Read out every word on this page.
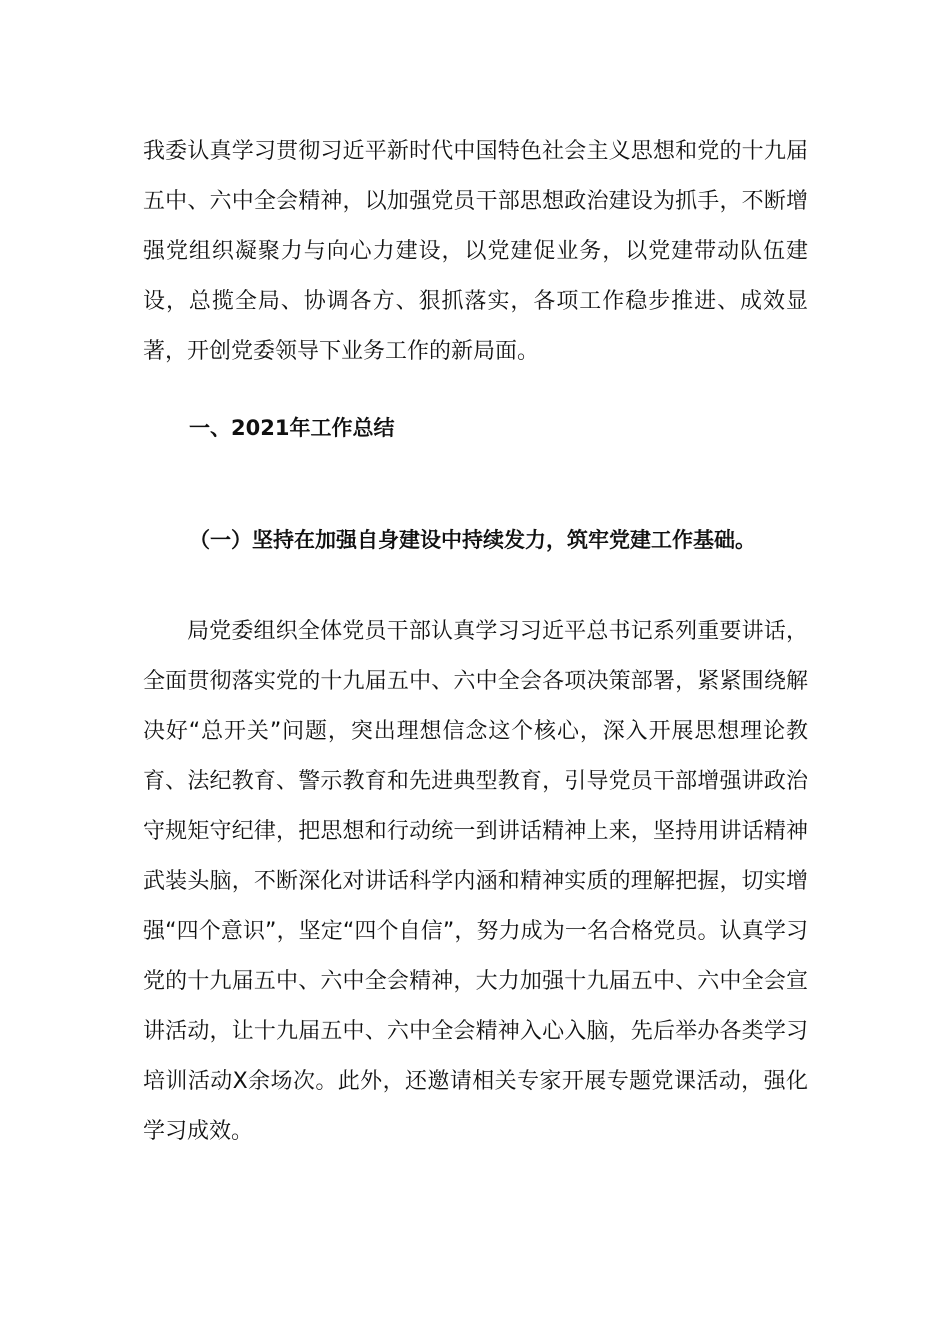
我委认真学习贯彻习近平新时代中国特色社会主义思想和党的十九届五中、六中全会精神，以加强党员干部思想政治建设为抓手，不断增强党组织凝聚力与向心力建设，以党建促业务，以党建带动队伍建设，总揽全局、协调各方、狠抓落实，各项工作稳步推进、成效显著，开创党委领导下业务工作的新局面。

一、2021年工作总结
（一）坚持在加强自身建设中持续发力，筑牢党建工作基础。

局党委组织全体党员干部认真学习习近平总书记系列重要讲话，全面贯彻落实党的十九届五中、六中全会各项决策部署，紧紧围绕解决好“总开关”问题，突出理想信念这个核心，深入开展思想理论教育、法纪教育、警示教育和先进典型教育，引导党员干部增强讲政治守规矩守纪律，把思想和行动统一到讲话精神上来，坚持用讲话精神武装头脑，不断深化对讲话科学内涵和精神实质的理解把握，切实增强“四个意识”，坚定“四个自信”，努力成为一名合格党员。认真学习党的十九届五中、六中全会精神，大力加强十九届五中、六中全会宣讲活动，让十九届五中、六中全会精神入心入脑，先后举办各类学习培训活动X余场次。此外，还邀请相关专家开展专题党课活动，强化学习成效。
